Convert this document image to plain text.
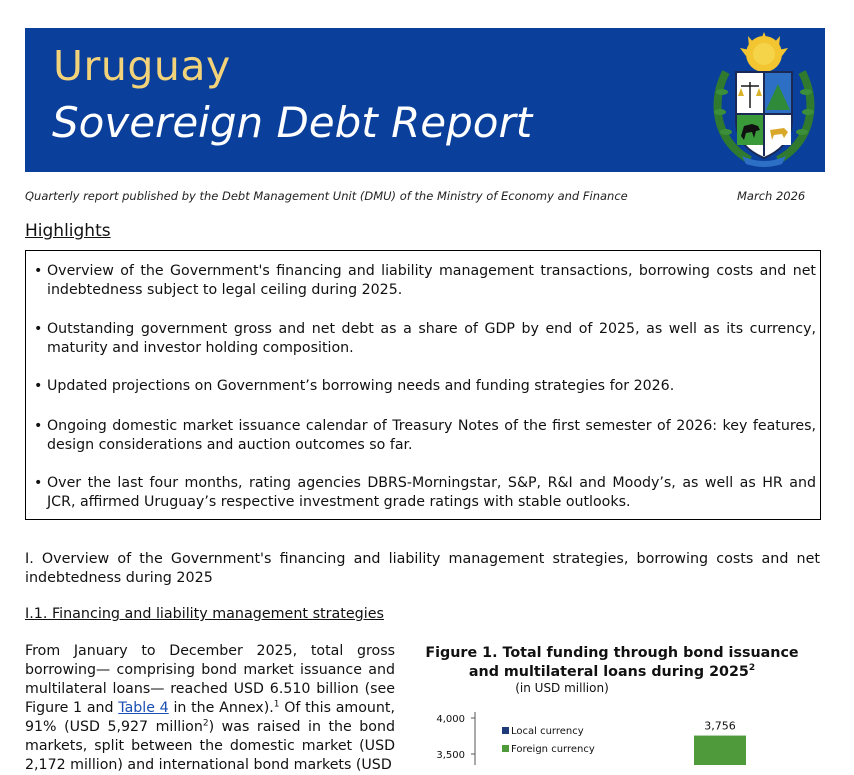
Uruguay
Sovereign Debt Report
Quarterly report published by the Debt Management Unit (DMU) of the Ministry of Economy and Finance	March 2026
Highlights
• Overview of the Government's financing and liability management transactions, borrowing costs and net indebtedness subject to legal ceiling during 2025.
• Outstanding government gross and net debt as a share of GDP by end of 2025, as well as its currency, maturity and investor holding composition.
• Updated projections on Government’s borrowing needs and funding strategies for 2026.
• Ongoing domestic market issuance calendar of Treasury Notes of the first semester of 2026: key features, design considerations and auction outcomes so far.
• Over the last four months, rating agencies DBRS-Morningstar, S&P, R&I and Moody’s, as well as HR and JCR, affirmed Uruguay’s respective investment grade ratings with stable outlooks.
I. Overview of the Government's financing and liability management strategies, borrowing costs and net indebtedness during 2025
I.1. Financing and liability management strategies
From January to December 2025, total gross borrowing— comprising bond market issuance and multilateral loans— reached USD 6.510 billion (see Figure 1 and Table 4 in the Annex).$^1$ Of this amount, 91% (USD 5,927 million$^2$) was raised in the bond markets, split between the domestic market (USD 2,172 million) and international bond markets (USD
Figure 1. Total funding through bond issuance and multilateral loans during 2025$^2$
(in USD million)
4,000
3,500
Local currency
Foreign currency
3,756
